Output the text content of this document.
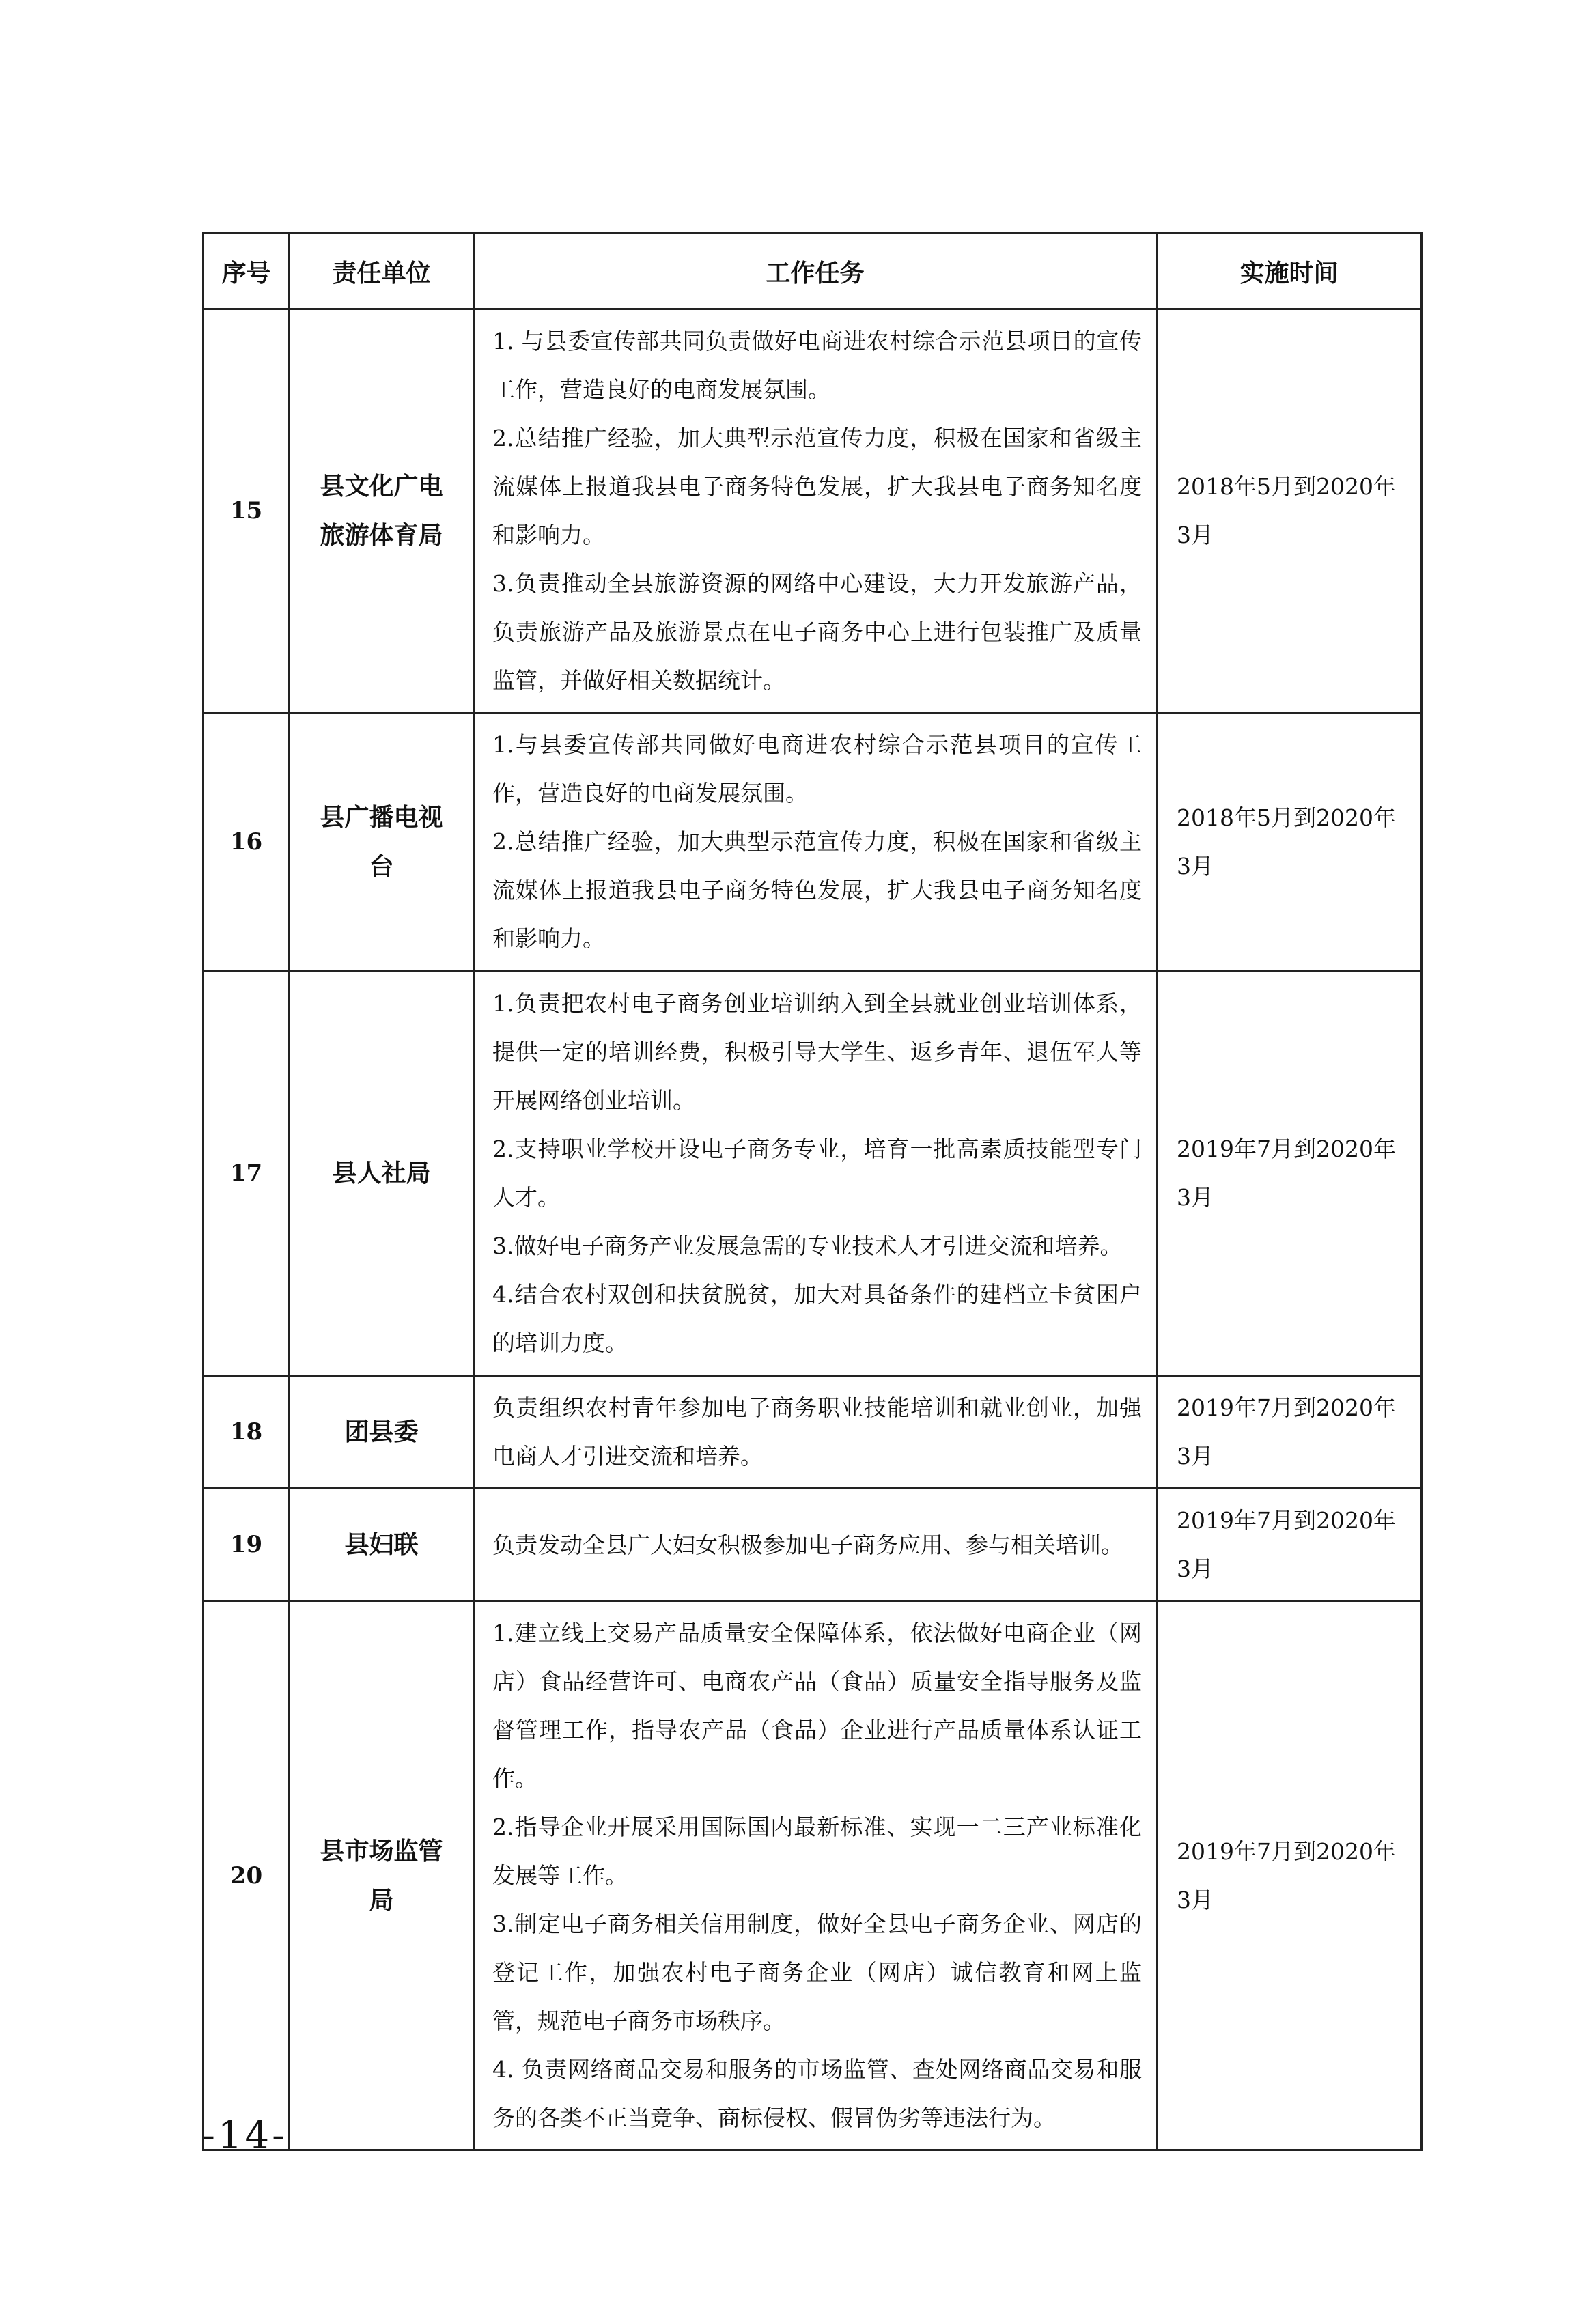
序号	责任单位	工作任务	实施时间
15	县文化广电旅游体育局	1. 与县委宣传部共同负责做好电商进农村综合示范县项目的宣传工作，营造良好的电商发展氛围。

2.总结推广经验，加大典型示范宣传力度，积极在国家和省级主流媒体上报道我县电子商务特色发展，扩大我县电子商务知名度和影响力。

3.负责推动全县旅游资源的网络中心建设，大力开发旅游产品，负责旅游产品及旅游景点在电子商务中心上进行包装推广及质量监管，并做好相关数据统计。	2018年5月到2020年3月
16	县广播电视台	1.与县委宣传部共同做好电商进农村综合示范县项目的宣传工作，营造良好的电商发展氛围。

2.总结推广经验，加大典型示范宣传力度，积极在国家和省级主流媒体上报道我县电子商务特色发展，扩大我县电子商务知名度和影响力。	2018年5月到2020年3月
17	县人社局	1.负责把农村电子商务创业培训纳入到全县就业创业培训体系，提供一定的培训经费，积极引导大学生、返乡青年、退伍军人等开展网络创业培训。

2.支持职业学校开设电子商务专业，培育一批高素质技能型专门人才。

3.做好电子商务产业发展急需的专业技术人才引进交流和培养。

4.结合农村双创和扶贫脱贫，加大对具备条件的建档立卡贫困户的培训力度。	2019年7月到2020年3月
18	团县委	负责组织农村青年参加电子商务职业技能培训和就业创业，加强电商人才引进交流和培养。	2019年7月到2020年3月
19	县妇联	负责发动全县广大妇女积极参加电子商务应用、参与相关培训。	2019年7月到2020年3月
20	县市场监管局	1.建立线上交易产品质量安全保障体系，依法做好电商企业（网店）食品经营许可、电商农产品（食品）质量安全指导服务及监督管理工作，指导农产品（食品）企业进行产品质量体系认证工作。

2.指导企业开展采用国际国内最新标准、实现一二三产业标准化发展等工作。

3.制定电子商务相关信用制度，做好全县电子商务企业、网店的登记工作，加强农村电子商务企业（网店）诚信教育和网上监管，规范电子商务市场秩序。

4. 负责网络商品交易和服务的市场监管、查处网络商品交易和服务的各类不正当竞争、商标侵权、假冒伪劣等违法行为。	2019年7月到2020年3月
-14-
